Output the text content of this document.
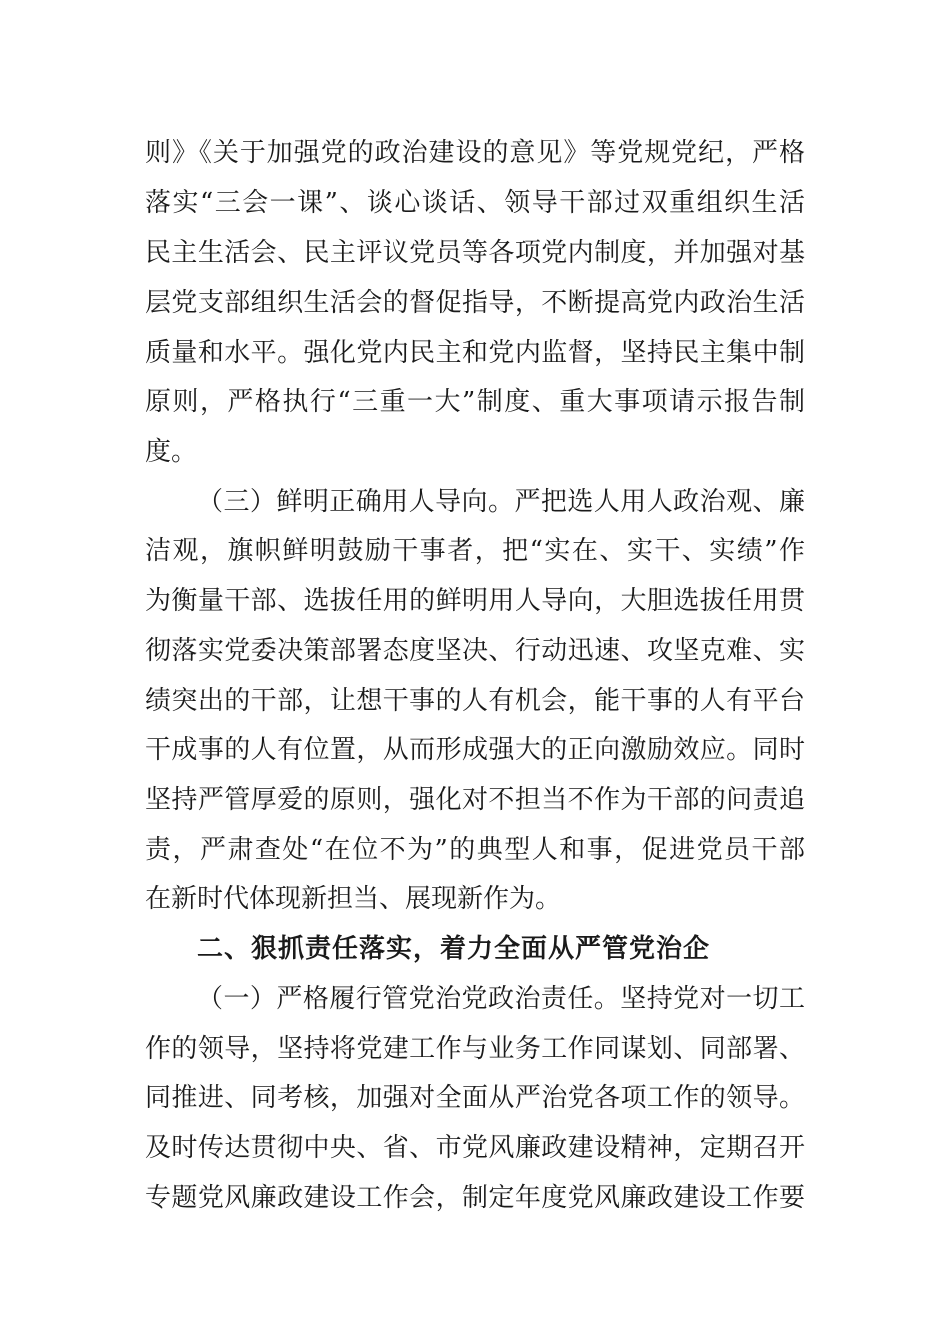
则》《关于加强党的政治建设的意见》等党规党纪，严格
落实“三会一课”、谈心谈话、领导干部过双重组织生活
民主生活会、民主评议党员等各项党内制度，并加强对基
层党支部组织生活会的督促指导，不断提高党内政治生活
质量和水平。强化党内民主和党内监督，坚持民主集中制
原则，严格执行“三重一大”制度、重大事项请示报告制
度。
（三）鲜明正确用人导向。严把选人用人政治观、廉
洁观，旗帜鲜明鼓励干事者，把“实在、实干、实绩”作
为衡量干部、选拔任用的鲜明用人导向，大胆选拔任用贯
彻落实党委决策部署态度坚决、行动迅速、攻坚克难、实
绩突出的干部，让想干事的人有机会，能干事的人有平台
干成事的人有位置，从而形成强大的正向激励效应。同时
坚持严管厚爱的原则，强化对不担当不作为干部的问责追
责，严肃查处“在位不为”的典型人和事，促进党员干部
在新时代体现新担当、展现新作为。
二、狠抓责任落实，着力全面从严管党治企
（一）严格履行管党治党政治责任。坚持党对一切工
作的领导，坚持将党建工作与业务工作同谋划、同部署、
同推进、同考核，加强对全面从严治党各项工作的领导。
及时传达贯彻中央、省、市党风廉政建设精神，定期召开
专题党风廉政建设工作会，制定年度党风廉政建设工作要
